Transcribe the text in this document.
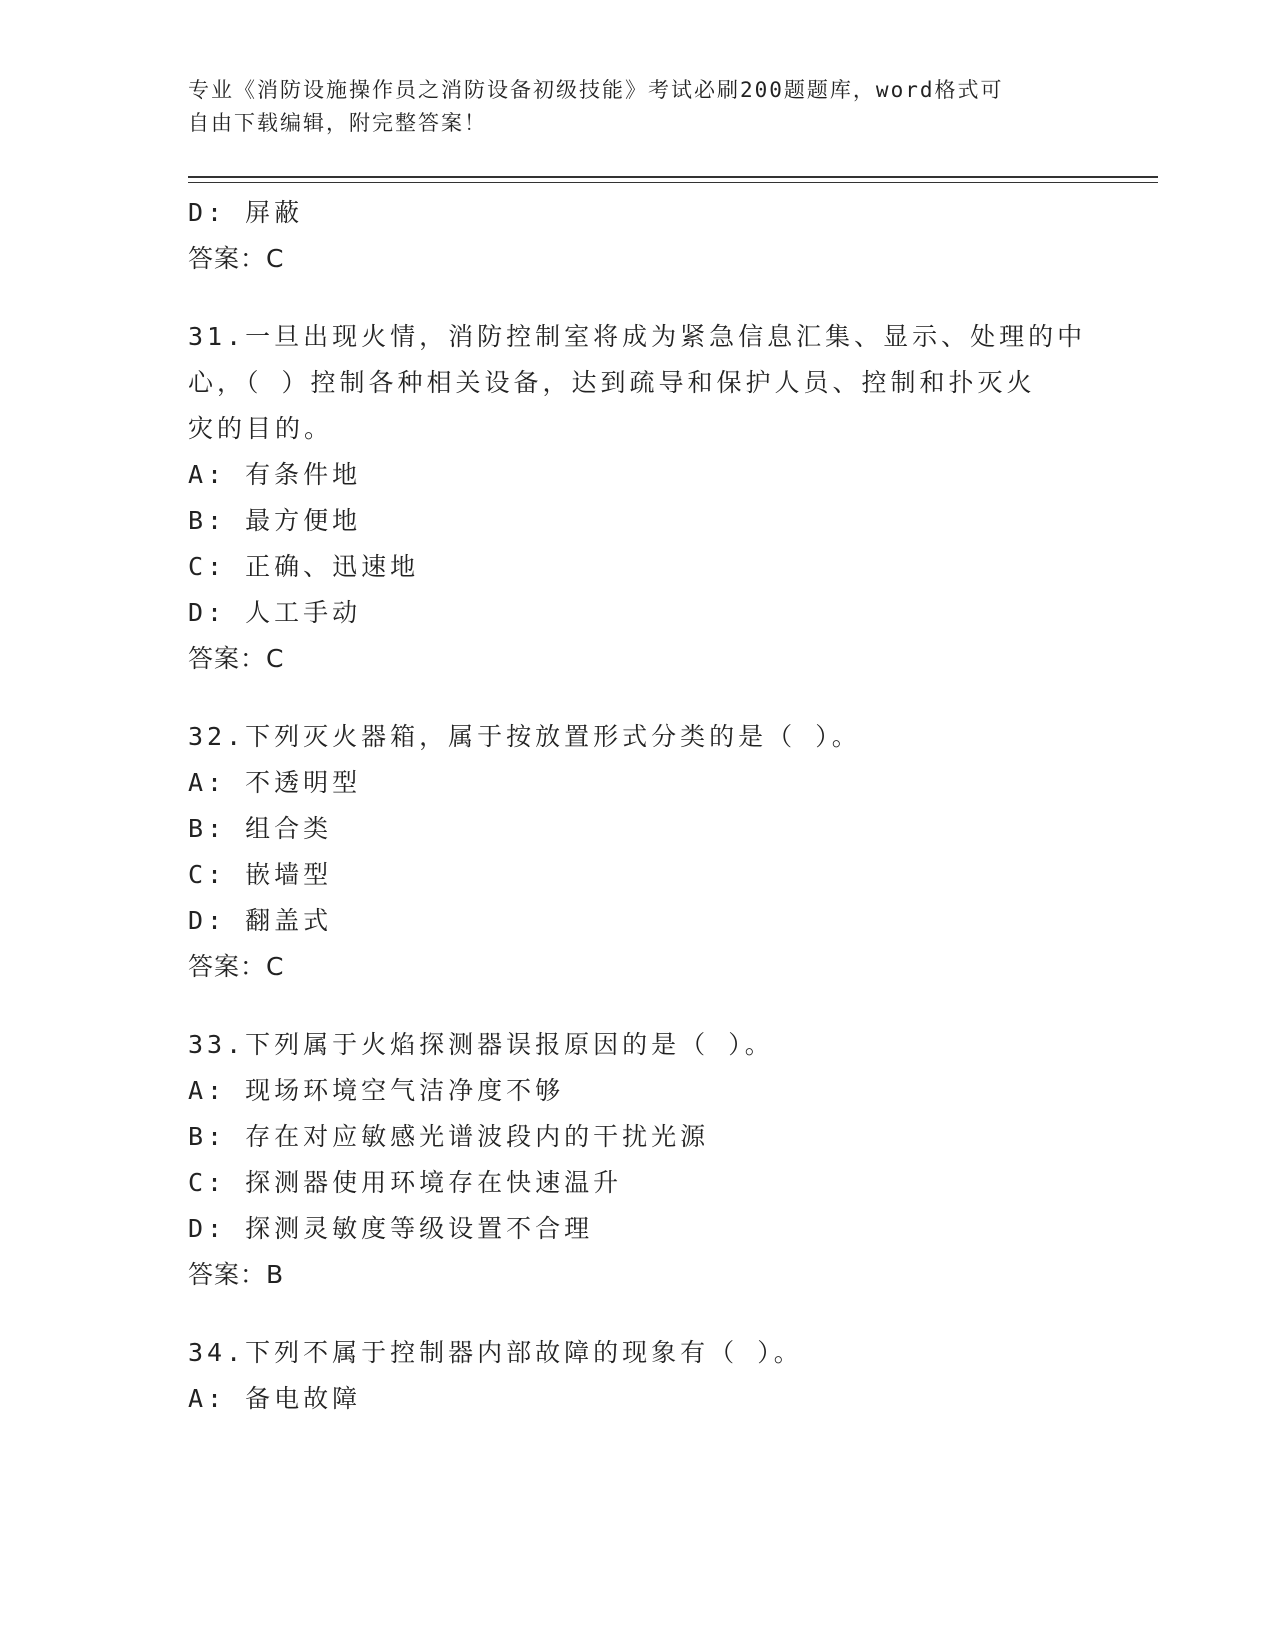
专业《消防设施操作员之消防设备初级技能》考试必刷200题题库，word格式可
自由下载编辑，附完整答案！
D: 屏蔽
答案：C
31.一旦出现火情，消防控制室将成为紧急信息汇集、显示、处理的中
心，（ ）控制各种相关设备，达到疏导和保护人员、控制和扑灭火
灾的目的。
A: 有条件地
B: 最方便地
C: 正确、迅速地
D: 人工手动
答案：C
32.下列灭火器箱，属于按放置形式分类的是（ ）。
A: 不透明型
B: 组合类
C: 嵌墙型
D: 翻盖式
答案：C
33.下列属于火焰探测器误报原因的是（ ）。
A: 现场环境空气洁净度不够
B: 存在对应敏感光谱波段内的干扰光源
C: 探测器使用环境存在快速温升
D: 探测灵敏度等级设置不合理
答案：B
34.下列不属于控制器内部故障的现象有（ ）。
A: 备电故障
